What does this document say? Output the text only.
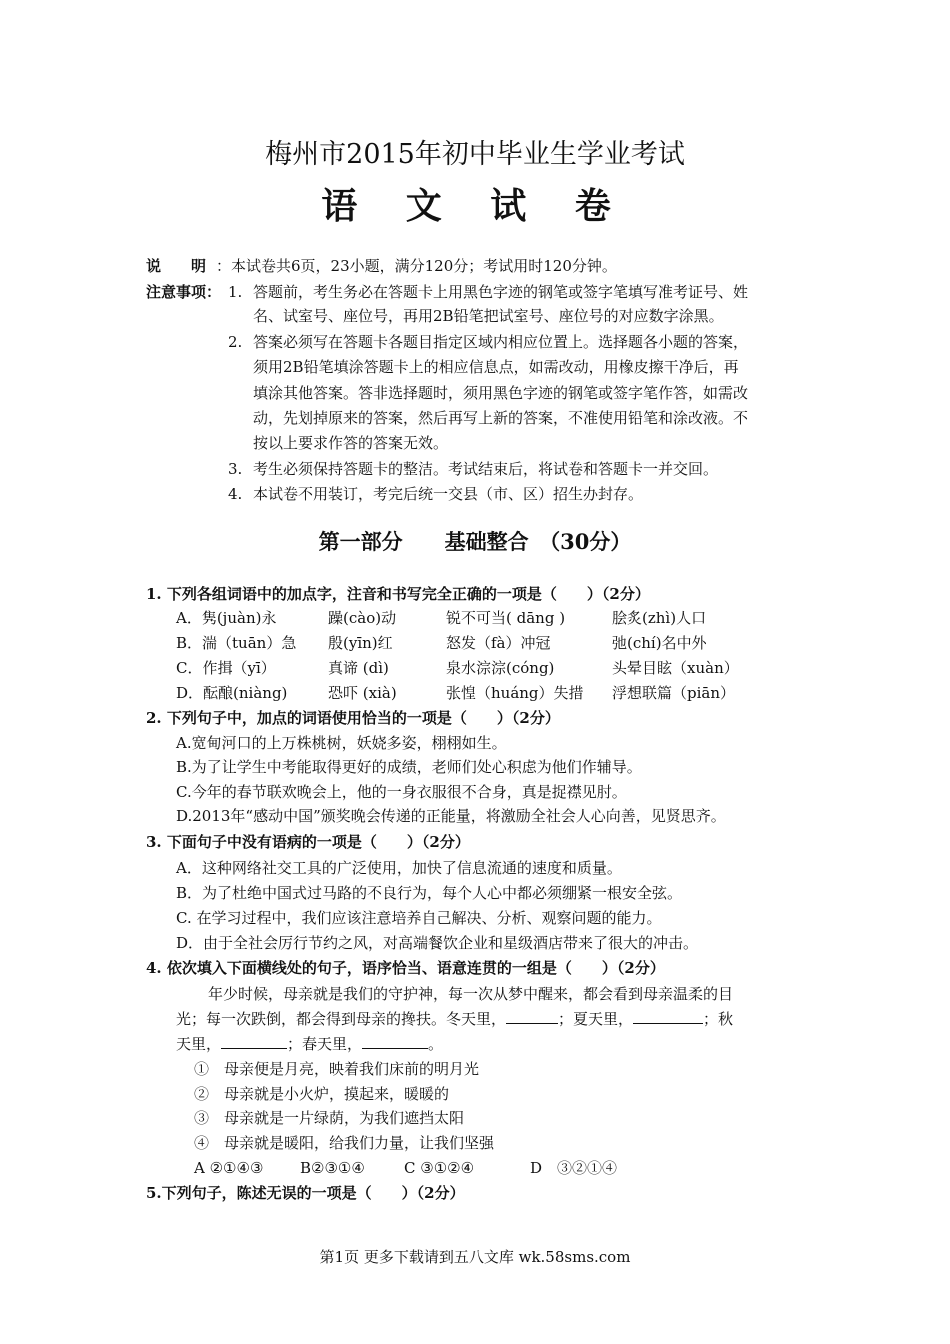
梅州市2015年初中毕业生学业考试
语 文 试 卷
说　　明 ：本试卷共6页，23小题，满分120分；考试用时120分钟。
注意事项： 1. 答题前，考生务必在答题卡上用黑色字迹的钢笔或签字笔填写准考证号、姓
名、试室号、座位号，再用2B铅笔把试室号、座位号的对应数字涂黑。
2. 答案必须写在答题卡各题目指定区域内相应位置上。选择题各小题的答案，
须用2B铅笔填涂答题卡上的相应信息点，如需改动，用橡皮擦干净后，再
填涂其他答案。答非选择题时，须用黑色字迹的钢笔或签字笔作答，如需改
动，先划掉原来的答案，然后再写上新的答案，不准使用铅笔和涂改液。不
按以上要求作答的答案无效。
3. 考生必须保持答题卡的整洁。考试结束后，将试卷和答题卡一并交回。
4. 本试卷不用装订，考完后统一交县（市、区）招生办封存。
第一部分　　基础整合　（30分）
1. 下列各组词语中的加点字，注音和书写完全正确的一项是（　　）（2分）
A．隽(juàn)永	躁(cào)动	锐不可当( dāng )	脍炙(zhì)人口
B．湍（tuān）急 殷(yīn)红	怒发（fà）冲冠	弛(chí)名中外
C．作揖（yī）	真谛 (dì)	泉水淙淙(cóng)	头晕目眩（xuàn）
D．酝酿(niàng)	恐吓 (xià)	张惶（huáng）失措 浮想联篇（piān）
2. 下列句子中，加点的词语使用恰当的一项是（　　）（2分）
A.宽甸河口的上万株桃树，妖娆多姿，栩栩如生。
B.为了让学生中考能取得更好的成绩，老师们处心积虑为他们作辅导。
C.今年的春节联欢晚会上，他的一身衣服很不合身，真是捉襟见肘。
D.2013年“感动中国”颁奖晚会传递的正能量，将激励全社会人心向善，见贤思齐。
3. 下面句子中没有语病的一项是（　　）（2分）
A．这种网络社交工具的广泛使用，加快了信息流通的速度和质量。
B．为了杜绝中国式过马路的不良行为，每个人心中都必须绷紧一根安全弦。
C. 在学习过程中，我们应该注意培养自己解决、分析、观察问题的能力。
D．由于全社会厉行节约之风，对高端餐饮企业和星级酒店带来了很大的冲击。
4. 依次填入下面横线处的句子，语序恰当、语意连贯的一组是（　　）（2分）
年少时候，母亲就是我们的守护神，每一次从梦中醒来，都会看到母亲温柔的目
光；每一次跌倒，都会得到母亲的搀扶。冬天里，	；夏天里，	；秋
天里，	；春天里，	。
①　母亲便是月亮，映着我们床前的明月光
②　母亲就是小火炉，摸起来，暖暖的
③　母亲就是一片绿荫，为我们遮挡太阳
④　母亲就是暖阳，给我们力量，让我们坚强
A ②①④③ B②③①④	C ③①②④	D　③②①④
5.下列句子，陈述无误的一项是（　　）（2分）
第1页 更多下载请到五八文库 wk.58sms.com
